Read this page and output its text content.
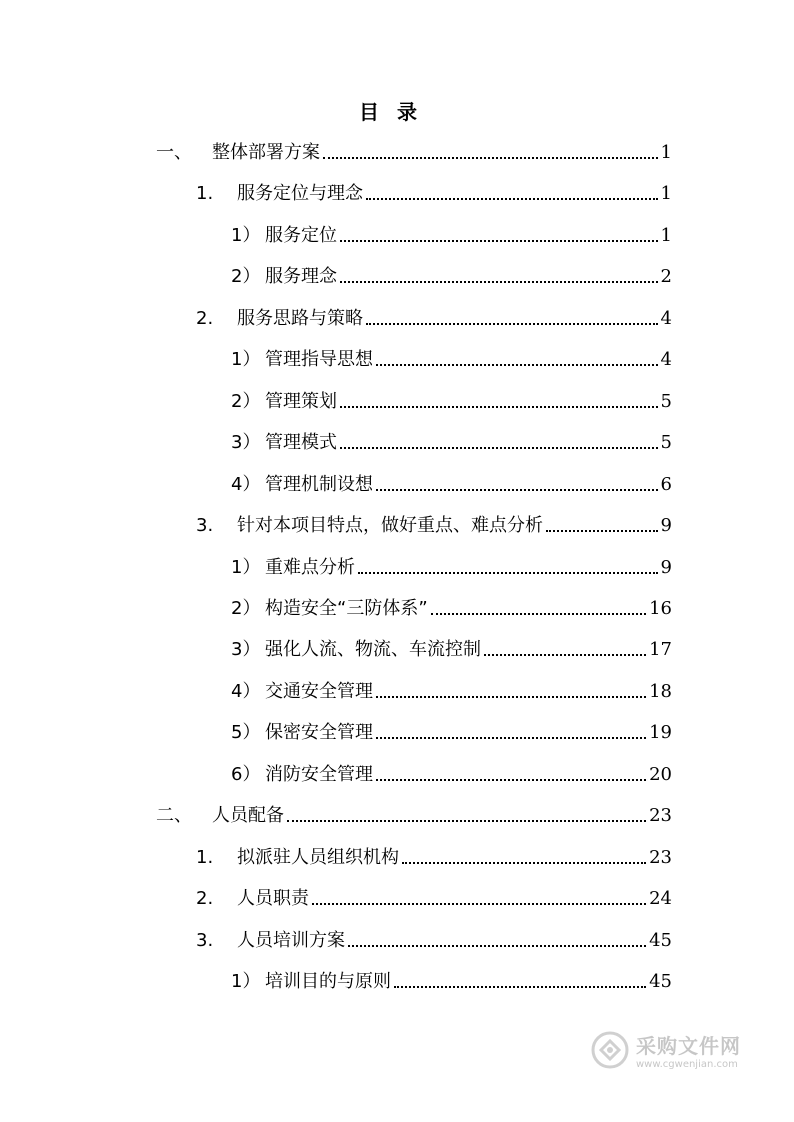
目录
一、	整体部署方案	1
1.	服务定位与理念	1
1） 服务定位	1
2） 服务理念	2
2.	服务思路与策略	4
1） 管理指导思想	4
2） 管理策划	5
3） 管理模式	5
4） 管理机制设想	6
3.	针对本项目特点，做好重点、难点分析	9
1） 重难点分析	9
2） 构造安全“三防体系”	16
3） 强化人流、物流、车流控制	17
4） 交通安全管理	18
5） 保密安全管理	19
6） 消防安全管理	20
二、	人员配备	23
1.	拟派驻人员组织机构	23
2.	人员职责	24
3.	人员培训方案	45
1） 培训目的与原则	45
采购文件网
www.cgwenjian.com
